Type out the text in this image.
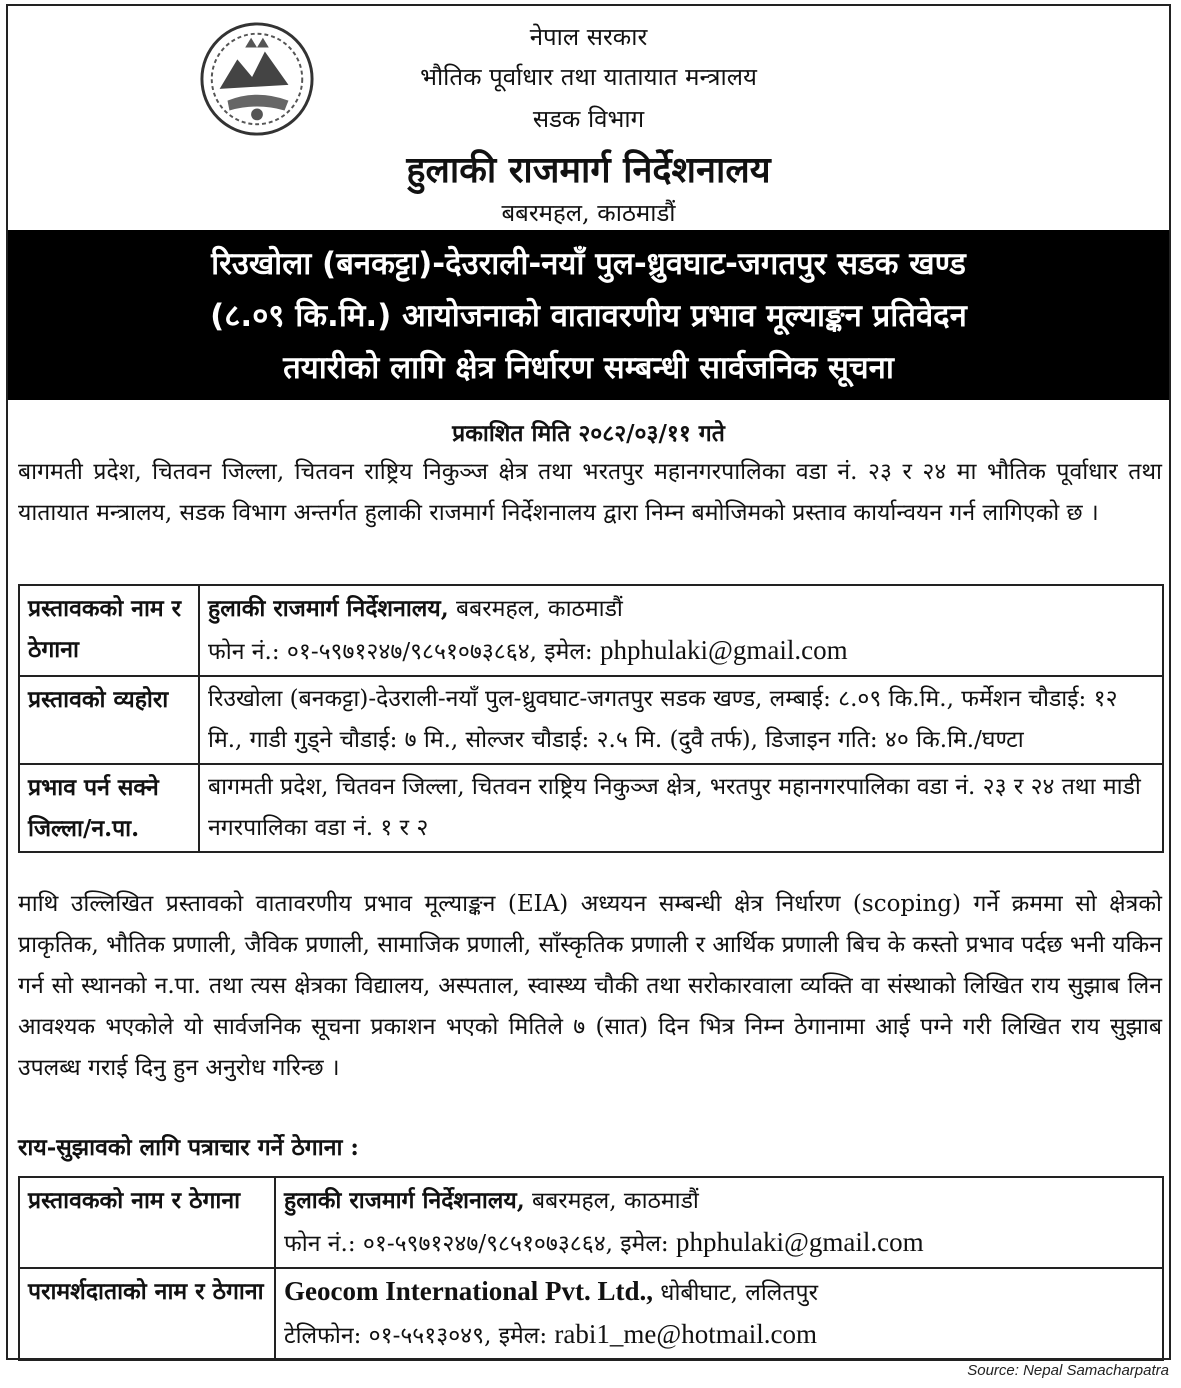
नेपाल सरकार
भौतिक पूर्वाधार तथा यातायात मन्त्रालय
सडक विभाग
हुलाकी राजमार्ग निर्देशनालय
बबरमहल, काठमाडौं
रिउखोला (बनकट्टा)-देउराली-नयाँ पुल-ध्रुवघाट-जगतपुर सडक खण्ड
(८.०९ कि.मि.) आयोजनाको वातावरणीय प्रभाव मूल्याङ्कन प्रतिवेदन
तयारीको लागि क्षेत्र निर्धारण सम्बन्धी सार्वजनिक सूचना
प्रकाशित मिति २०८२/०३/११ गते
बागमती प्रदेश, चितवन जिल्ला, चितवन राष्ट्रिय निकुञ्ज क्षेत्र तथा भरतपुर महानगरपालिका वडा नं. २३ र २४ मा भौतिक पूर्वाधार तथा यातायात मन्त्रालय, सडक विभाग अन्तर्गत हुलाकी राजमार्ग निर्देशनालय द्वारा निम्न बमोजिमको प्रस्ताव कार्यान्वयन गर्न लागिएको छ ।
प्रस्तावकको नाम र ठेगाना	हुलाकी राजमार्ग निर्देशनालय, बबरमहल, काठमाडौं
फोन नं.: ०१-५९७१२४७/९८५१०७३८६४, इमेल: phphulaki@gmail.com
प्रस्तावको व्यहोरा	रिउखोला (बनकट्टा)-देउराली-नयाँ पुल-ध्रुवघाट-जगतपुर सडक खण्ड, लम्बाई: ८.०९ कि.मि., फर्मेशन चौडाई: १२ मि., गाडी गुड्ने चौडाई: ७ मि., सोल्जर चौडाई: २.५ मि. (दुवै तर्फ), डिजाइन गति: ४० कि.मि./घण्टा
प्रभाव पर्न सक्ने जिल्ला/न.पा.	बागमती प्रदेश, चितवन जिल्ला, चितवन राष्ट्रिय निकुञ्ज क्षेत्र, भरतपुर महानगरपालिका वडा नं. २३ र २४ तथा माडी नगरपालिका वडा नं. १ र २
माथि उल्लिखित प्रस्तावको वातावरणीय प्रभाव मूल्याङ्कन (EIA) अध्ययन सम्बन्धी क्षेत्र निर्धारण (scoping) गर्ने क्रममा सो क्षेत्रको प्राकृतिक, भौतिक प्रणाली, जैविक प्रणाली, सामाजिक प्रणाली, साँस्कृतिक प्रणाली र आर्थिक प्रणाली बिच के कस्तो प्रभाव पर्दछ भनी यकिन गर्न सो स्थानको न.पा. तथा त्यस क्षेत्रका विद्यालय, अस्पताल, स्वास्थ्य चौकी तथा सरोकारवाला व्यक्ति वा संस्थाको लिखित राय सुझाब लिन आवश्यक भएकोले यो सार्वजनिक सूचना प्रकाशन भएको मितिले ७ (सात) दिन भित्र निम्न ठेगानामा आई पग्ने गरी लिखित राय सुझाब उपलब्ध गराई दिनु हुन अनुरोध गरिन्छ ।
राय-सुझावको लागि पत्राचार गर्ने ठेगाना :
प्रस्तावकको नाम र ठेगाना	हुलाकी राजमार्ग निर्देशनालय, बबरमहल, काठमाडौं
फोन नं.: ०१-५९७१२४७/९८५१०७३८६४, इमेल: phphulaki@gmail.com
परामर्शदाताको नाम र ठेगाना	Geocom International Pvt. Ltd., धोबीघाट, ललितपुर
टेलिफोन: ०१-५५१३०४९, इमेल: rabi1_me@hotmail.com
Source: Nepal Samacharpatra
